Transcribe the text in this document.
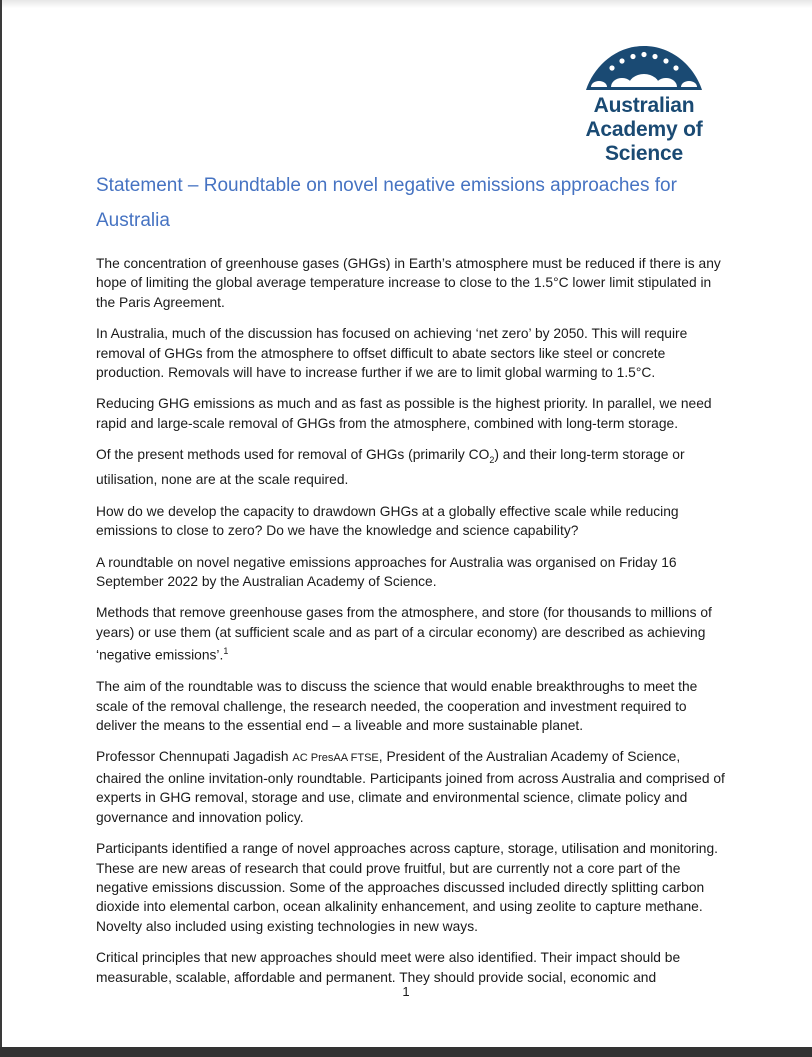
Australian
Academy of
Science
Statement – Roundtable on novel negative emissions approaches for Australia

The concentration of greenhouse gases (GHGs) in Earth’s atmosphere must be reduced if there is any hope of limiting the global average temperature increase to close to the 1.5°C lower limit stipulated in the Paris Agreement.

In Australia, much of the discussion has focused on achieving ‘net zero’ by 2050. This will require removal of GHGs from the atmosphere to offset difficult to abate sectors like steel or concrete production. Removals will have to increase further if we are to limit global warming to 1.5°C.

Reducing GHG emissions as much and as fast as possible is the highest priority. In parallel, we need rapid and large-scale removal of GHGs from the atmosphere, combined with long-term storage.

Of the present methods used for removal of GHGs (primarily $CO_2$) and their long-term storage or utilisation, none are at the scale required.

How do we develop the capacity to drawdown GHGs at a globally effective scale while reducing emissions to close to zero? Do we have the knowledge and science capability?

A roundtable on novel negative emissions approaches for Australia was organised on Friday 16 September 2022 by the Australian Academy of Science.

Methods that remove greenhouse gases from the atmosphere, and store (for thousands to millions of years) or use them (at sufficient scale and as part of a circular economy) are described as achieving ‘negative emissions’.$^1$

The aim of the roundtable was to discuss the science that would enable breakthroughs to meet the scale of the removal challenge, the research needed, the cooperation and investment required to deliver the means to the essential end – a liveable and more sustainable planet.

Professor Chennupati Jagadish AC PresAA FTSE, President of the Australian Academy of Science, chaired the online invitation-only roundtable. Participants joined from across Australia and comprised of experts in GHG removal, storage and use, climate and environmental science, climate policy and governance and innovation policy.

Participants identified a range of novel approaches across capture, storage, utilisation and monitoring. These are new areas of research that could prove fruitful, but are currently not a core part of the negative emissions discussion. Some of the approaches discussed included directly splitting carbon dioxide into elemental carbon, ocean alkalinity enhancement, and using zeolite to capture methane. Novelty also included using existing technologies in new ways.

Critical principles that new approaches should meet were also identified. Their impact should be measurable, scalable, affordable and permanent. They should provide social, economic and

1
